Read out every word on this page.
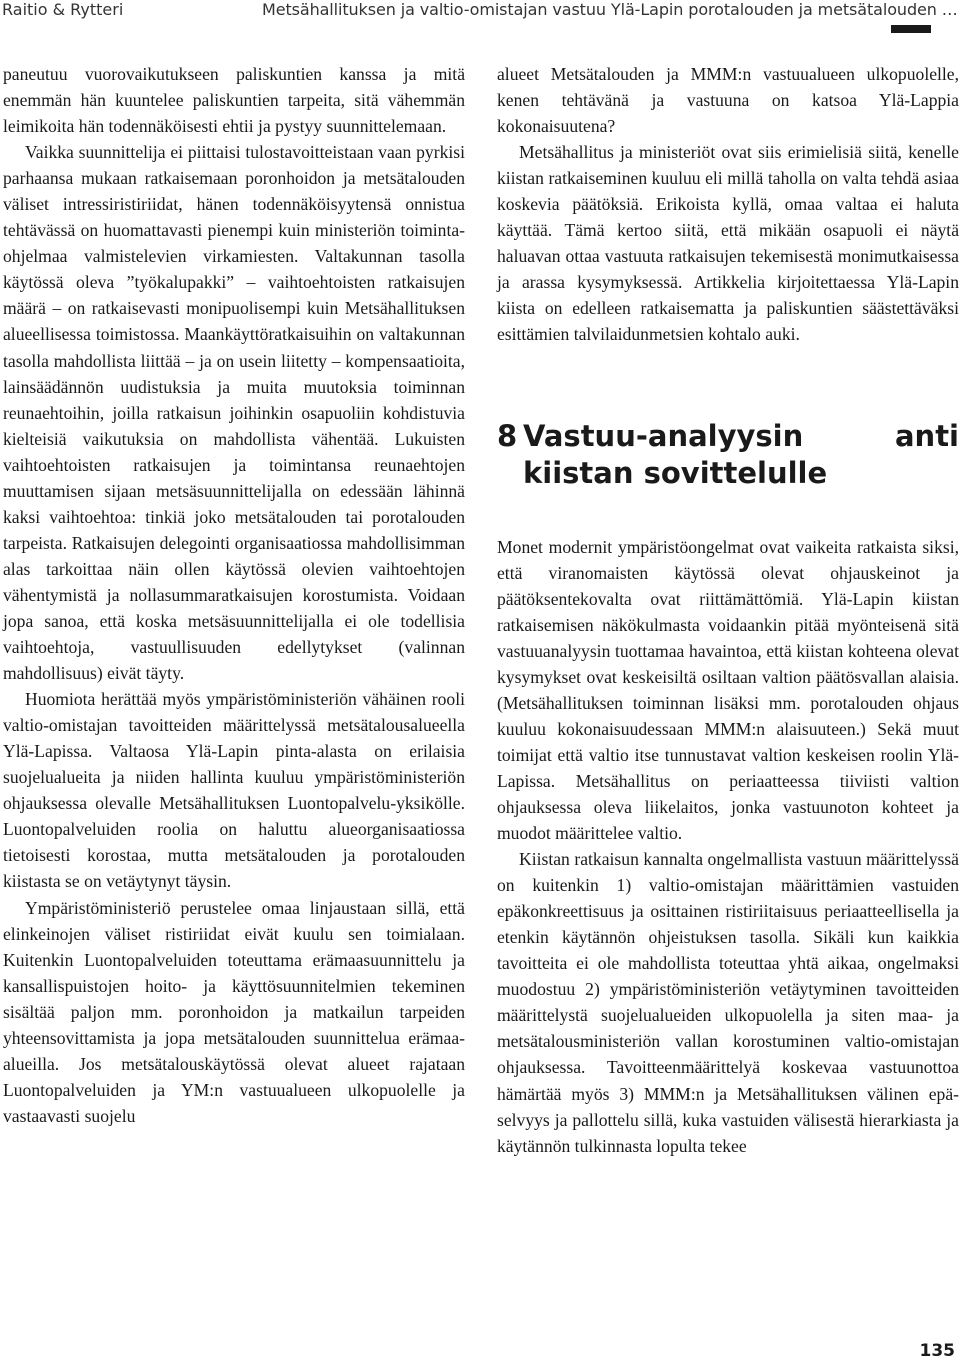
Raitio & Rytteri	Metsähallituksen ja valtio-omistajan vastuu Ylä-Lapin porotalouden ja metsätalouden …

paneutuu vuorovaikutukseen paliskuntien kanssa ja mitä enemmän hän kuuntelee paliskuntien tarpeita, sitä vähemmän leimikoita hän todennäköisesti ehtii ja pystyy suunnittelemaan.

Vaikka suunnittelija ei piittaisi tulostavoitteistaan vaan pyrkisi parhaansa mukaan ratkaisemaan poronhoidon ja metsätalouden väliset intressiristiriidat, hänen todennäköisyytensä onnistua tehtävässä on huomattavasti pienempi kuin ministeriön toimintaohjelmaa valmistelevien virkamiesten. Valtakunnan tasolla käytössä oleva ”työkalupakki” – vaihtoehtoisten ratkaisujen määrä – on ratkaisevasti monipuolisempi kuin Metsähallituksen alueellisessa toimistossa. Maankäyttöratkaisuihin on valtakunnan tasolla mahdollista liittää – ja on usein liitetty – kompensaatioita, lainsäädännön uudistuksia ja muita muutoksia toiminnan reunaehtoihin, joilla ratkaisun joihinkin osapuoliin kohdistuvia kielteisiä vaikutuksia on mahdollista vähentää. Lukuisten vaihtoehtoisten ratkaisujen ja toimintansa reunaehtojen muuttamisen sijaan metsäsuunnittelijalla on edessään lähinnä kaksi vaihtoehtoa: tinkiä joko metsätalouden tai porotalouden tarpeista. Ratkaisujen delegointi organisaatiossa mahdollisimman alas tarkoittaa näin ollen käytössä olevien vaihtoehtojen vähentymistä ja nollasummaratkaisujen korostumista. Voidaan jopa sanoa, että koska metsäsuunnittelijalla ei ole todellisia vaihtoehtoja, vastuullisuuden edellytykset (valinnan mahdollisuus) eivät täyty.

Huomiota herättää myös ympäristöministeriön vähäinen rooli valtio-omistajan tavoitteiden määrittelyssä metsätalousalueella Ylä-Lapissa. Valtaosa Ylä-Lapin pinta-alasta on erilaisia suojelualueita ja niiden hallinta kuuluu ympäristöministeriön ohjauksessa olevalle Metsähallituksen Luontopalvelu-yksikölle. Luontopalveluiden roolia on haluttu alueorganisaatiossa tietoisesti korostaa, mutta metsätalouden ja porotalouden kiistasta se on vetäytynyt täysin.

Ympäristöministeriö perustelee omaa linjaustaan sillä, että elinkeinojen väliset ristiriidat eivät kuulu sen toimialaan. Kuitenkin Luontopalveluiden toteuttama erämaasuunnittelu ja kansallispuistojen hoito- ja käyttösuunnitelmien tekeminen sisältää paljon mm. poronhoidon ja matkailun tarpeiden yhteensovittamista ja jopa metsätalouden suunnittelua erämaa-alueilla. Jos metsätalouskäytössä olevat alueet rajataan Luontopalveluiden ja YM:n vastuualueen ulkopuolelle ja vastaavasti suojelu

alueet Metsätalouden ja MMM:n vastuualueen ulkopuolelle, kenen tehtävänä ja vastuuna on katsoa Ylä-Lappia kokonaisuutena?

Metsähallitus ja ministeriöt ovat siis erimielisiä siitä, kenelle kiistan ratkaiseminen kuuluu eli millä taholla on valta tehdä asiaa koskevia päätöksiä. Erikoista kyllä, omaa valtaa ei haluta käyttää. Tämä kertoo siitä, että mikään osapuoli ei näytä haluavan ottaa vastuuta ratkaisujen tekemisestä monimutkaisessa ja arassa kysymyksessä. Artikkelia kirjoitettaessa Ylä-Lapin kiista on edelleen ratkaisematta ja paliskuntien säästettäväksi esittämien talvilaidunmetsien kohtalo auki.

8 Vastuu-analyysin anti kiistan sovittelulle

Monet modernit ympäristöongelmat ovat vaikeita ratkaista siksi, että viranomaisten käytössä olevat ohjauskeinot ja päätöksentekovalta ovat riittämättömiä. Ylä-Lapin kiistan ratkaisemisen näkökulmasta voidaankin pitää myönteisenä sitä vastuuanalyysin tuottamaa havaintoa, että kiistan kohteena olevat kysymykset ovat keskeisiltä osiltaan valtion päätösvallan alaisia. (Metsähallituksen toiminnan lisäksi mm. porotalouden ohjaus kuuluu kokonaisuudessaan MMM:n alaisuuteen.) Sekä muut toimijat että valtio itse tunnustavat valtion keskeisen roolin Ylä-Lapissa. Metsähallitus on periaatteessa tiiviisti valtion ohjauksessa oleva liikelaitos, jonka vastuunoton kohteet ja muodot määrittelee valtio.

Kiistan ratkaisun kannalta ongelmallista vastuun määrittelyssä on kuitenkin 1) valtio-omistajan määrittämien vastuiden epäkonkreettisuus ja osittainen ristiriitaisuus periaatteellisella ja etenkin käytännön ohjeistuksen tasolla. Sikäli kun kaikkia tavoitteita ei ole mahdollista toteuttaa yhtä aikaa, ongelmaksi muodostuu 2) ympäristöministeriön vetäytyminen tavoitteiden määrittelystä suojelualueiden ulkopuolella ja siten maa- ja metsätalousministeriön vallan korostuminen valtio-omistajan ohjauksessa. Tavoitteenmäärittelyä koskevaa vastuunottoa hämärtää myös 3) MMM:n ja Metsähallituksen välinen epäselvyys ja pallottelu sillä, kuka vastuiden välisestä hierarkiasta ja käytännön tulkinnasta lopulta tekee

135
